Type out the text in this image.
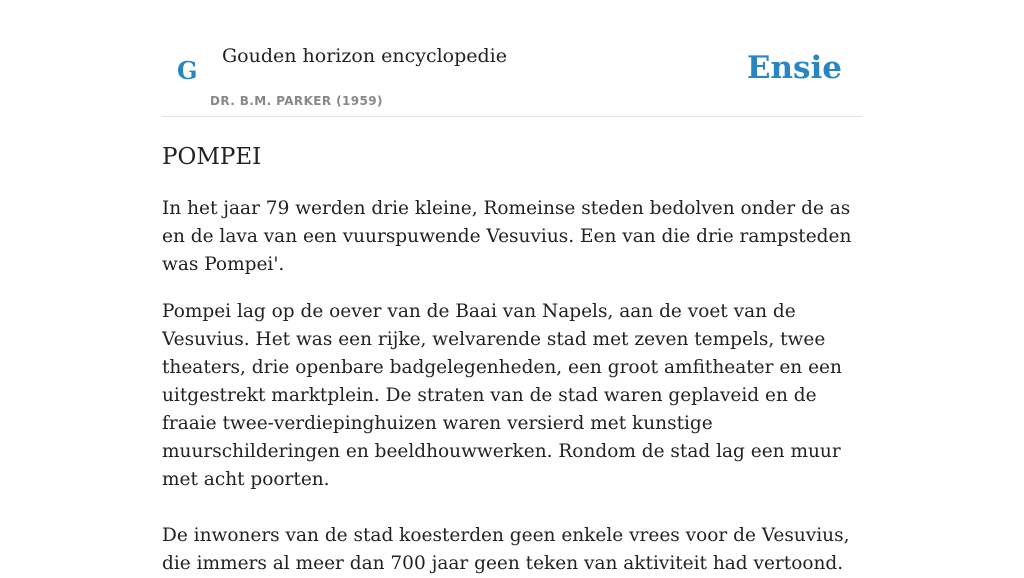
G Gouden horizon encyclopedie
DR. B.M. PARKER (1959)
Ensie
POMPEI

In het jaar 79 werden drie kleine, Romeinse steden bedolven onder de as en de lava van een vuurspuwende Vesuvius. Een van die drie rampsteden was Pompei'.

Pompei lag op de oever van de Baai van Napels, aan de voet van de Vesuvius. Het was een rijke, welvarende stad met zeven tempels, twee theaters, drie openbare badgelegenheden, een groot amfitheater en een uitgestrekt marktplein. De straten van de stad waren geplaveid en de fraaie twee-verdiepinghuizen waren versierd met kunstige muurschilderingen en beeldhouwwerken. Rondom de stad lag een muur met acht poorten.

De inwoners van de stad koesterden geen enkele vrees voor de Vesuvius, die immers al meer dan 700 jaar geen teken van aktiviteit had vertoond.
